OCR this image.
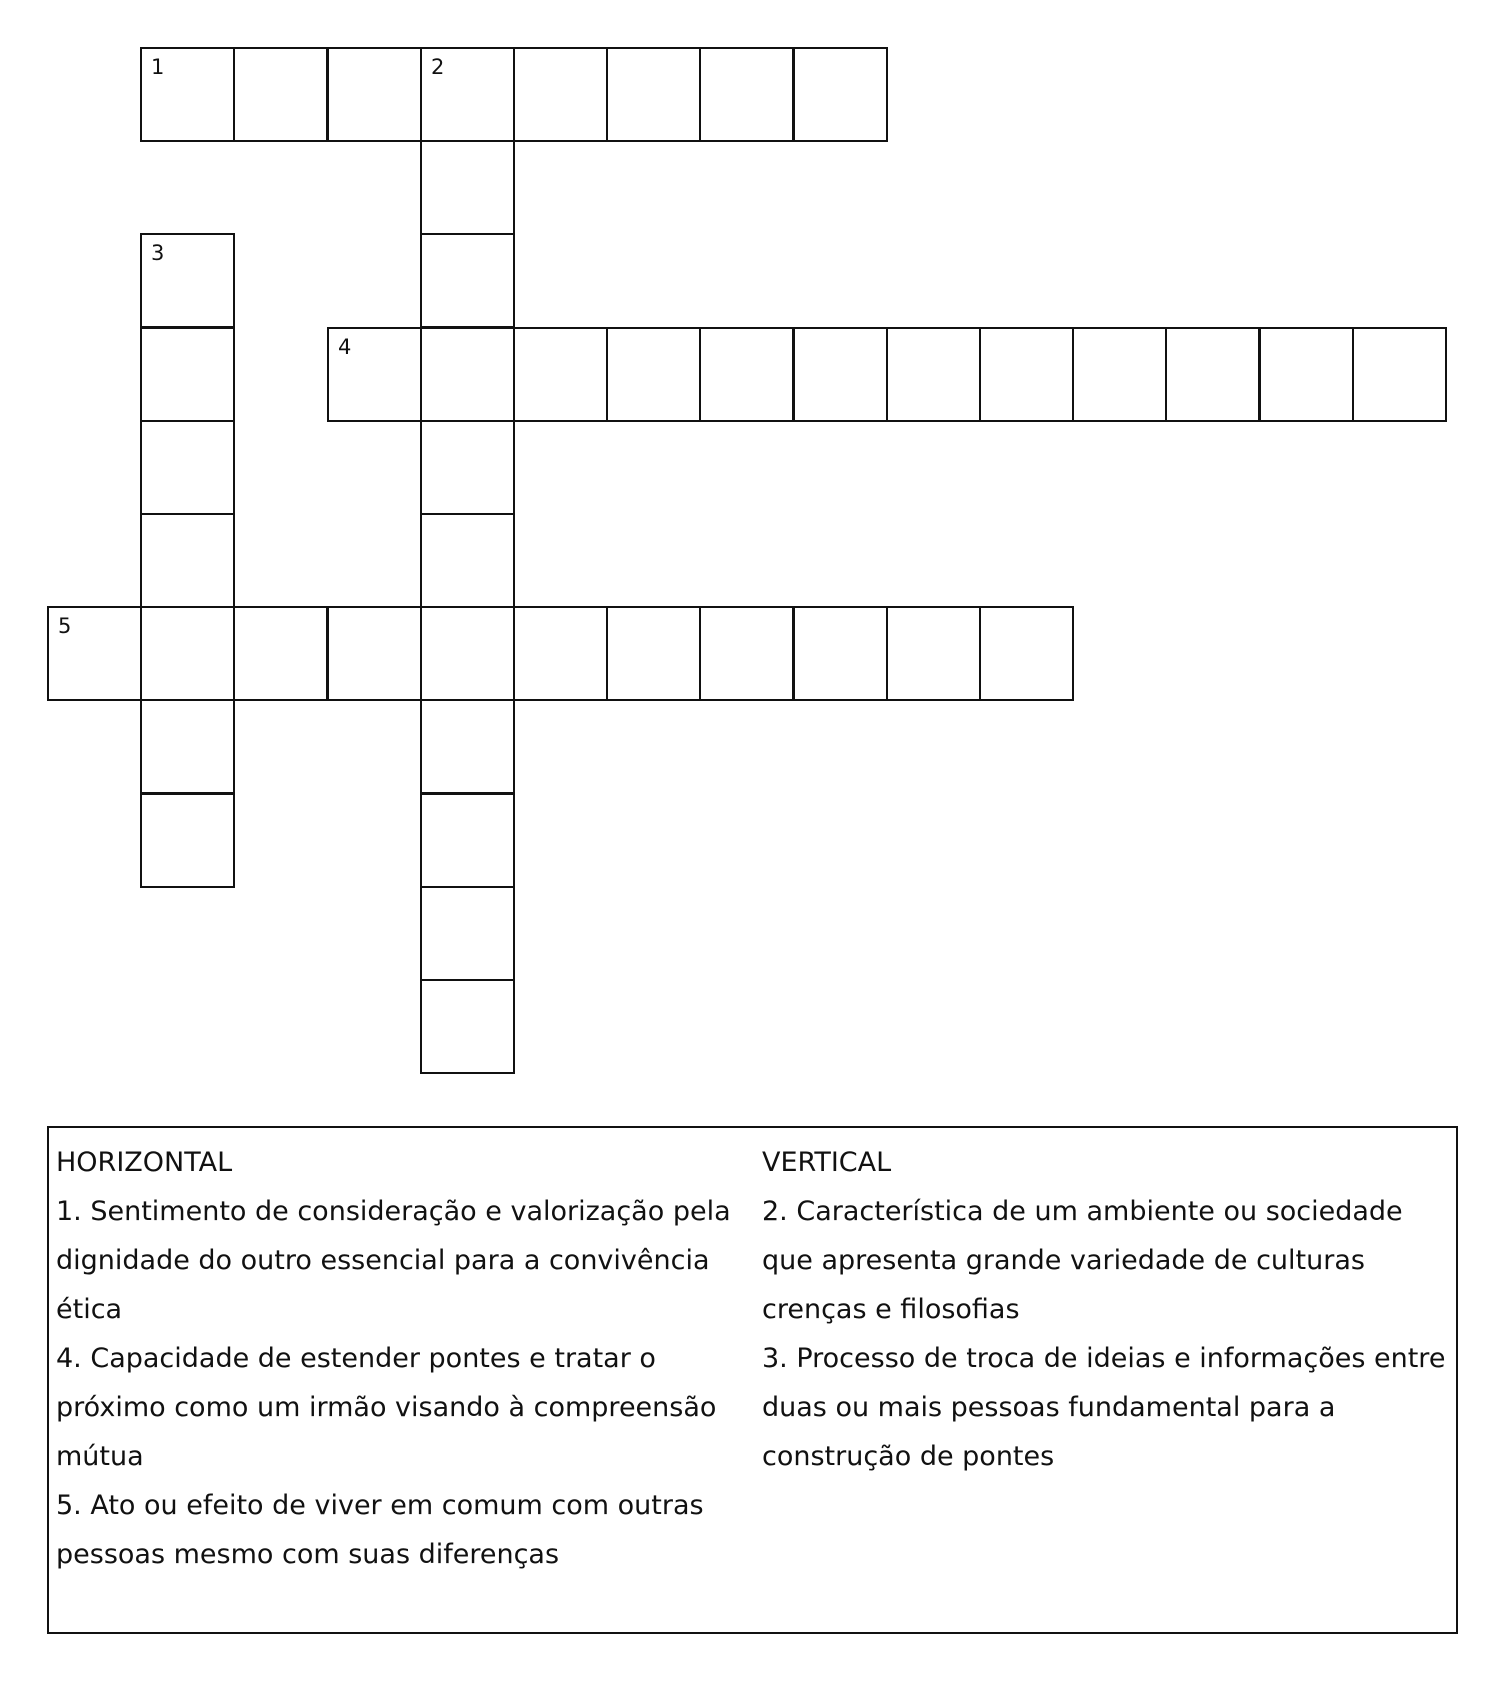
1	2
3
4
5
HORIZONTAL
1. Sentimento de consideração e valorização pela dignidade do outro essencial para a convivência ética
4. Capacidade de estender pontes e tratar o próximo como um irmão visando à compreensão mútua
5. Ato ou efeito de viver em comum com outras pessoas mesmo com suas diferenças
VERTICAL
2. Característica de um ambiente ou sociedade que apresenta grande variedade de culturas crenças e filosofias
3. Processo de troca de ideias e informações entre duas ou mais pessoas fundamental para a construção de pontes
